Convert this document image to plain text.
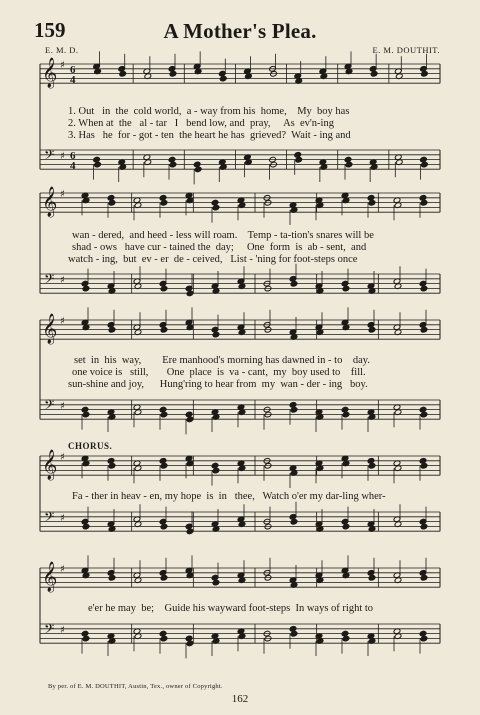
159	A Mother's Plea.
E. M. D.	E. M. DOUTHIT.
𝄞
𝄢
♯
♯
6
4
6
4
𝄞
𝄢
♯
♯
𝄞
𝄢
♯
♯
𝄞
𝄢
♯
♯
𝄞
𝄢
♯
♯
1. Out   in  the  cold world,  a - way from his  home,    My  boy has
2. When at  the   al - tar   I   bend low, and  pray,     As  ev'n-ing
3. Has   he  for - got - ten  the heart he has  grieved?  Wait - ing and
wan - dered,  and heed - less will roam.    Temp - ta-tion's snares will be
shad - ows   have cur - tained the  day;     One  form  is  ab - sent,  and
watch - ing,  but  ev - er  de - ceived,   List - 'ning for foot-steps once
set  in  his  way,        Ere manhood's morning has dawned in - to    day.
one voice is   still,       One  place  is  va - cant,  my  boy used to    fill.
sun-shine and joy,      Hung'ring to hear from  my  wan - der - ing   boy.
CHORUS.
Fa - ther in heav - en, my hope  is  in   thee,   Watch o'er my dar-ling wher-
e'er he may  be;    Guide his wayward foot-steps  In ways of right to
By per. of E. M. DOUTHIT, Austin, Tex., owner of Copyright.
162
